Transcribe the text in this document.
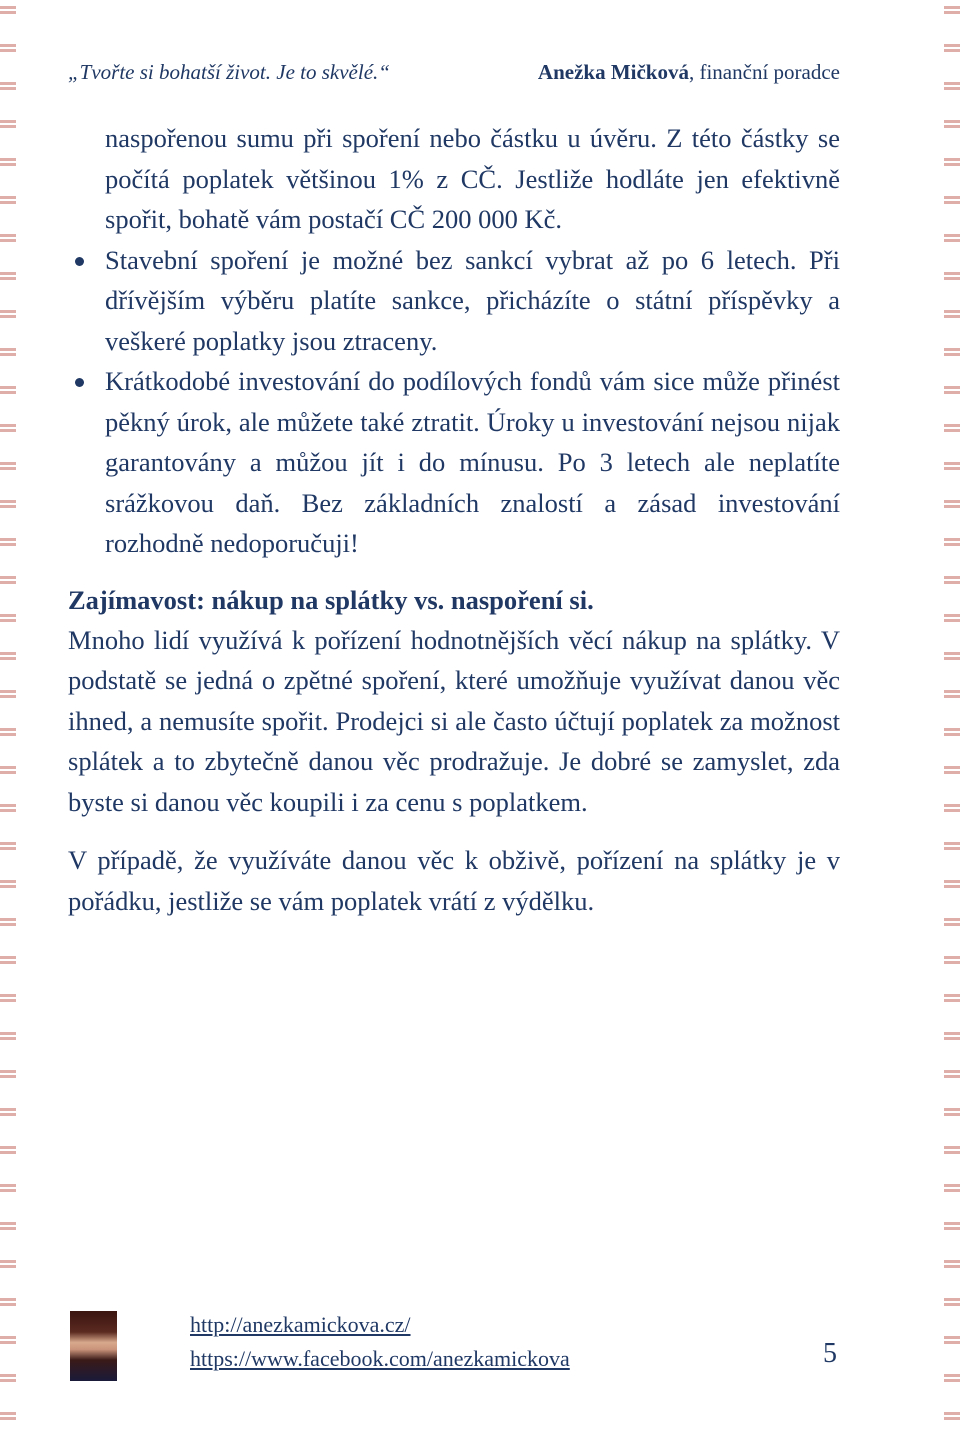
„Tvořte si bohatší život. Je to skvělé.“	Anežka Mičková, finanční poradce

naspořenou sumu při spoření nebo částku u úvěru. Z této částky se počítá poplatek většinou 1% z CČ. Jestliže hodláte jen efektivně spořit, bohatě vám postačí CČ 200 000 Kč.

Stavební spoření je možné bez sankcí vybrat až po 6 letech. Při dřívějším výběru platíte sankce, přicházíte o státní příspěvky a veškeré poplatky jsou ztraceny.
Krátkodobé investování do podílových fondů vám sice může přinést pěkný úrok, ale můžete také ztratit. Úroky u investování nejsou nijak garantovány a můžou jít i do mínusu. Po 3 letech ale neplatíte srážkovou daň. Bez základních znalostí a zásad investování rozhodně nedoporučuji!
Zajímavost: nákup na splátky vs. naspoření si.

Mnoho lidí využívá k pořízení hodnotnějších věcí nákup na splátky. V podstatě se jedná o zpětné spoření, které umožňuje využívat danou věc ihned, a nemusíte spořit. Prodejci si ale často účtují poplatek za možnost splátek a to zbytečně danou věc prodražuje. Je dobré se zamyslet, zda byste si danou věc koupili i za cenu s poplatkem.

V případě, že využíváte danou věc k obživě, pořízení na splátky je v pořádku, jestliže se vám poplatek vrátí z výdělku.

http://anezkamickova.cz/
https://www.facebook.com/anezkamickova	5
